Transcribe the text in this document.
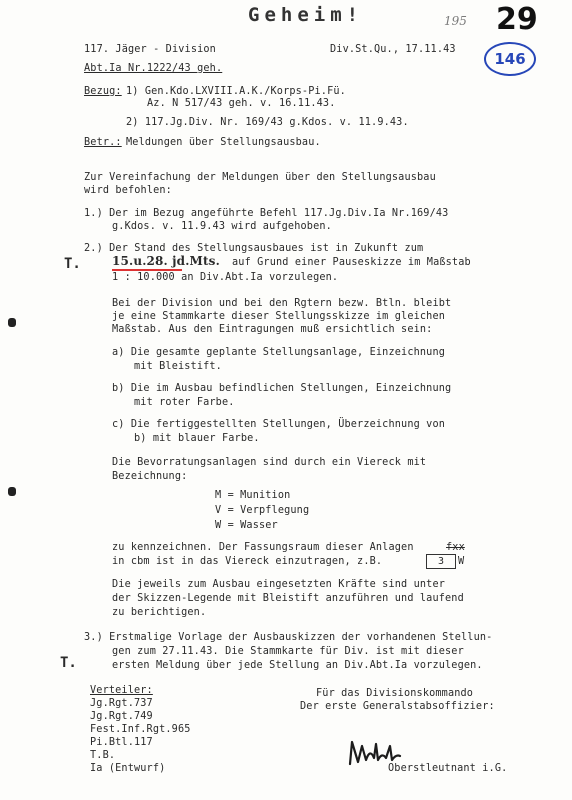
Geheim!	195 29
146
117. Jäger - Division	Div.St.Qu., 17.11.43
Abt.Ia Nr.1222/43 geh.
Bezug: 1) Gen.Kdo.LXVIII.A.K./Korps-Pi.Fü.
Az. N 517/43 geh. v. 16.11.43.
2) 117.Jg.Div. Nr. 169/43 g.Kdos. v. 11.9.43.
Betr.: Meldungen über Stellungsausbau.
Zur Vereinfachung der Meldungen über den Stellungsausbau
wird befohlen:
1.) Der im Bezug angeführte Befehl 117.Jg.Div.Ia Nr.169/43
g.Kdos. v. 11.9.43 wird aufgehoben.
2.) Der Stand des Stellungsausbaues ist in Zukunft zum
T.	15.u.28. jd.Mts. auf Grund einer Pauseskizze im Maßstab
1 : 10.000 an Div.Abt.Ia vorzulegen.
Bei der Division und bei den Rgtern bezw. Btln. bleibt
je eine Stammkarte dieser Stellungsskizze im gleichen
Maßstab. Aus den Eintragungen muß ersichtlich sein:
a) Die gesamte geplante Stellungsanlage, Einzeichnung
mit Bleistift.
b) Die im Ausbau befindlichen Stellungen, Einzeichnung
mit roter Farbe.
c) Die fertiggestellten Stellungen, Überzeichnung von
b) mit blauer Farbe.
Die Bevorratungsanlagen sind durch ein Viereck mit
Bezeichnung:
M = Munition
V = Verpflegung
W = Wasser
zu kennzeichnen. Der Fassungsraum dieser Anlagen	fxx
in cbm ist in das Viereck einzutragen, z.B.	3	W
Die jeweils zum Ausbau eingesetzten Kräfte sind unter
der Skizzen-Legende mit Bleistift anzuführen und laufend
zu berichtigen.
3.) Erstmalige Vorlage der Ausbauskizzen der vorhandenen Stellun-
T.
gen zum 27.11.43. Die Stammkarte für Div. ist mit dieser
ersten Meldung über jede Stellung an Div.Abt.Ia vorzulegen.
Verteiler:
Jg.Rgt.737
Jg.Rgt.749
Fest.Inf.Rgt.965
Pi.Btl.117
T.B.
Ia (Entwurf)
Für das Divisionskommando
Der erste Generalstabsoffizier:
Oberstleutnant i.G.
